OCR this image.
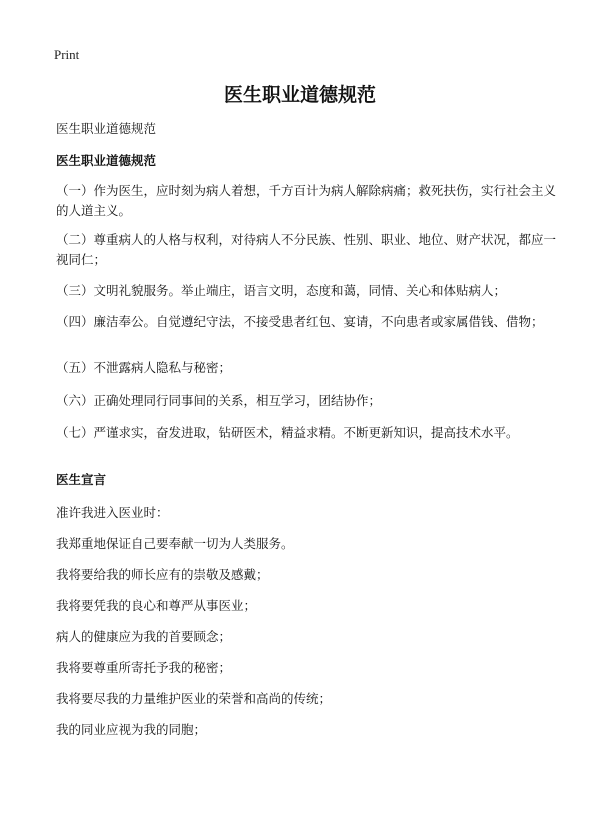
Print
医生职业道德规范

医生职业道德规范

医生职业道德规范

（一）作为医生，应时刻为病人着想，千方百计为病人解除病痛；救死扶伤，实行社会主义的人道主义。

（二）尊重病人的人格与权利，对待病人不分民族、性别、职业、地位、财产状况，都应一视同仁；

（三）文明礼貌服务。举止端庄，语言文明，态度和蔼，同情、关心和体贴病人；

（四）廉洁奉公。自觉遵纪守法，不接受患者红包、宴请，不向患者或家属借钱、借物；

（五）不泄露病人隐私与秘密；

（六）正确处理同行同事间的关系，相互学习，团结协作；

（七）严谨求实，奋发进取，钻研医术，精益求精。不断更新知识，提高技术水平。

医生宣言

准许我进入医业时：

我郑重地保证自己要奉献一切为人类服务。

我将要给我的师长应有的崇敬及感戴；

我将要凭我的良心和尊严从事医业；

病人的健康应为我的首要顾念；

我将要尊重所寄托予我的秘密；

我将要尽我的力量维护医业的荣誉和高尚的传统；

我的同业应视为我的同胞；
